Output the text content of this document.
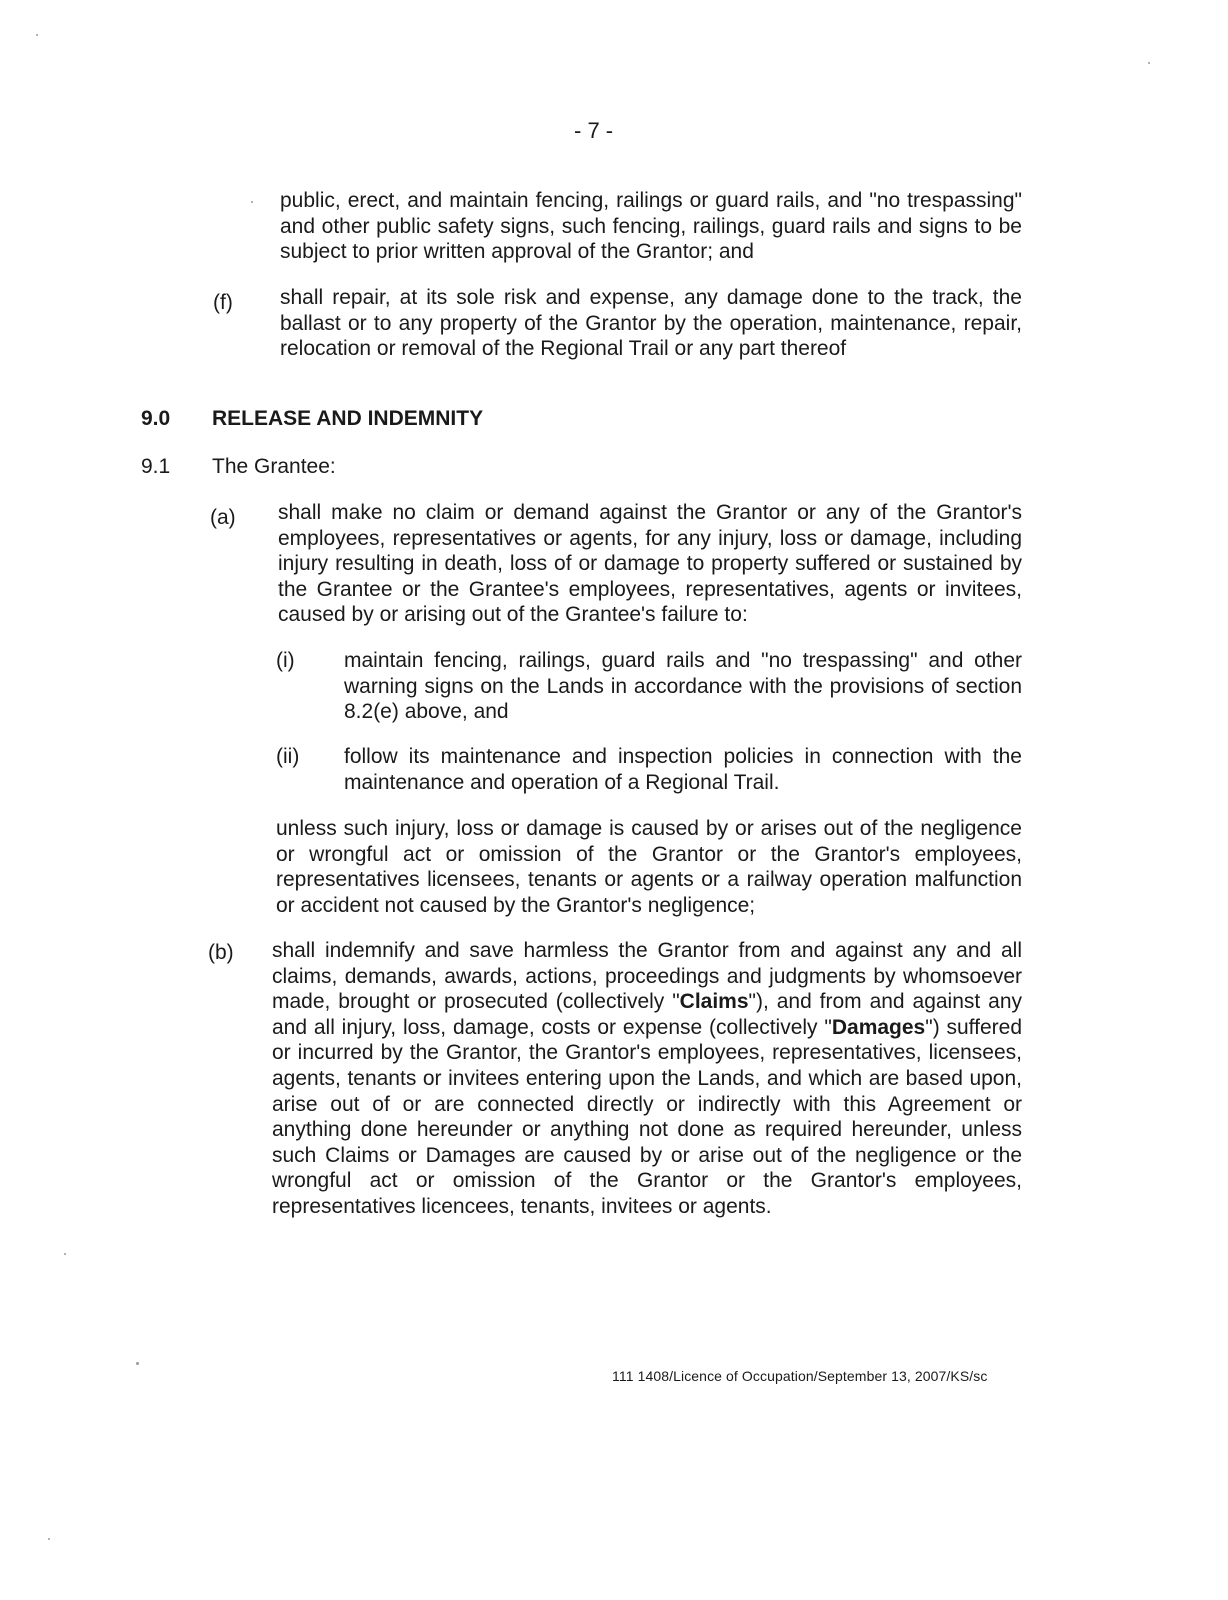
- 7 -
public, erect, and maintain fencing, railings or guard rails, and "no trespassing" and other public safety signs, such fencing, railings, guard rails and signs to be subject to prior written approval of the Grantor; and
(f) shall repair, at its sole risk and expense, any damage done to the track, the ballast or to any property of the Grantor by the operation, maintenance, repair, relocation or removal of the Regional Trail or any part thereof
9.0 RELEASE AND INDEMNITY
9.1 The Grantee:
(a) shall make no claim or demand against the Grantor or any of the Grantor's employees, representatives or agents, for any injury, loss or damage, including injury resulting in death, loss of or damage to property suffered or sustained by the Grantee or the Grantee's employees, representatives, agents or invitees, caused by or arising out of the Grantee's failure to:
(i) maintain fencing, railings, guard rails and "no trespassing" and other warning signs on the Lands in accordance with the provisions of section 8.2(e) above, and
(ii) follow its maintenance and inspection policies in connection with the maintenance and operation of a Regional Trail.
unless such injury, loss or damage is caused by or arises out of the negligence or wrongful act or omission of the Grantor or the Grantor's employees, representatives licensees, tenants or agents or a railway operation malfunction or accident not caused by the Grantor's negligence;
(b) shall indemnify and save harmless the Grantor from and against any and all claims, demands, awards, actions, proceedings and judgments by whomsoever made, brought or prosecuted (collectively "Claims"), and from and against any and all injury, loss, damage, costs or expense (collectively "Damages") suffered or incurred by the Grantor, the Grantor's employees, representatives, licensees, agents, tenants or invitees entering upon the Lands, and which are based upon, arise out of or are connected directly or indirectly with this Agreement or anything done hereunder or anything not done as required hereunder, unless such Claims or Damages are caused by or arise out of the negligence or the wrongful act or omission of the Grantor or the Grantor's employees, representatives licencees, tenants, invitees or agents.
111 1408/Licence of Occupation/September 13, 2007/KS/sc
